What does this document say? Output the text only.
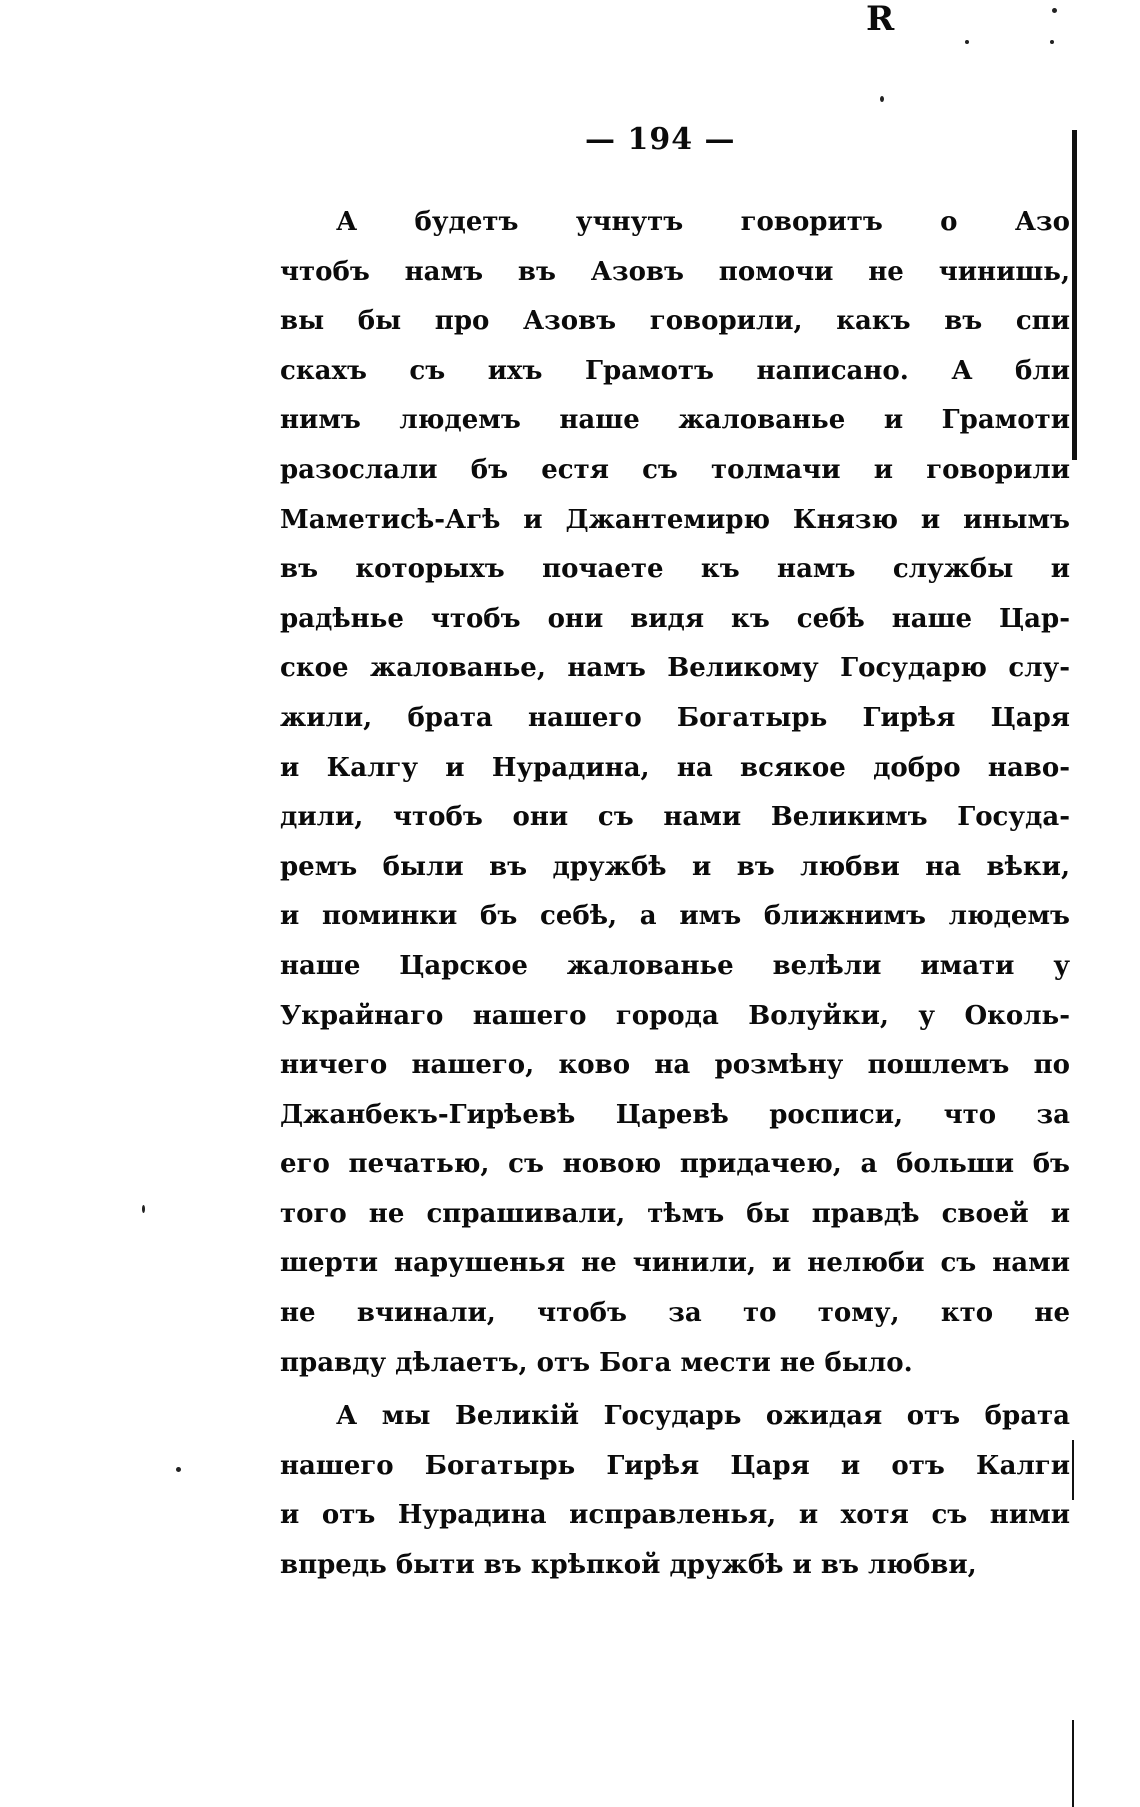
R
— 194 —
А будетъ учнутъ говоритъ о Азо
чтобъ намъ въ Азовъ помочи не чинишь,
вы бы про Азовъ говорили, какъ въ спи
скахъ съ ихъ Грамотъ написано. А бли
нимъ людемъ наше жалованье и Грамоти
разослали бъ естя съ толмачи и говорили
Маметисѣ-Агѣ и Джантемирю Князю и инымъ
въ которыхъ почаете къ намъ службы и
радѣнье чтобъ они видя къ себѣ наше Цар-
ское жалованье, намъ Великому Государю слу-
жили, брата нашего Богатырь Гирѣя Царя
и Калгу и Нурадина, на всякое добро наво-
дили, чтобъ они съ нами Великимъ Госуда-
ремъ были въ дружбѣ и въ любви на вѣки,
и поминки бъ себѣ, а имъ ближнимъ людемъ
наше Царское жалованье велѣли имати у
Украйнаго нашего города Волуйки, у Околь-
ничего нашего, ково на розмѣну пошлемъ по
Джанбекъ-Гирѣевѣ Царевѣ росписи, что за
его печатью, съ новою придачею, а больши бъ
того не спрашивали, тѣмъ бы правдѣ своей и
шерти нарушенья не чинили, и нелюби съ нами
не вчинали, чтобъ за то тому, кто не
правду дѣлаетъ, отъ Бога мести не было.
А мы Великій Государь ожидая отъ брата
нашего Богатырь Гирѣя Царя и отъ Калги
и отъ Нурадина исправленья, и хотя съ ними
впредь быти въ крѣпкой дружбѣ и въ любви,
